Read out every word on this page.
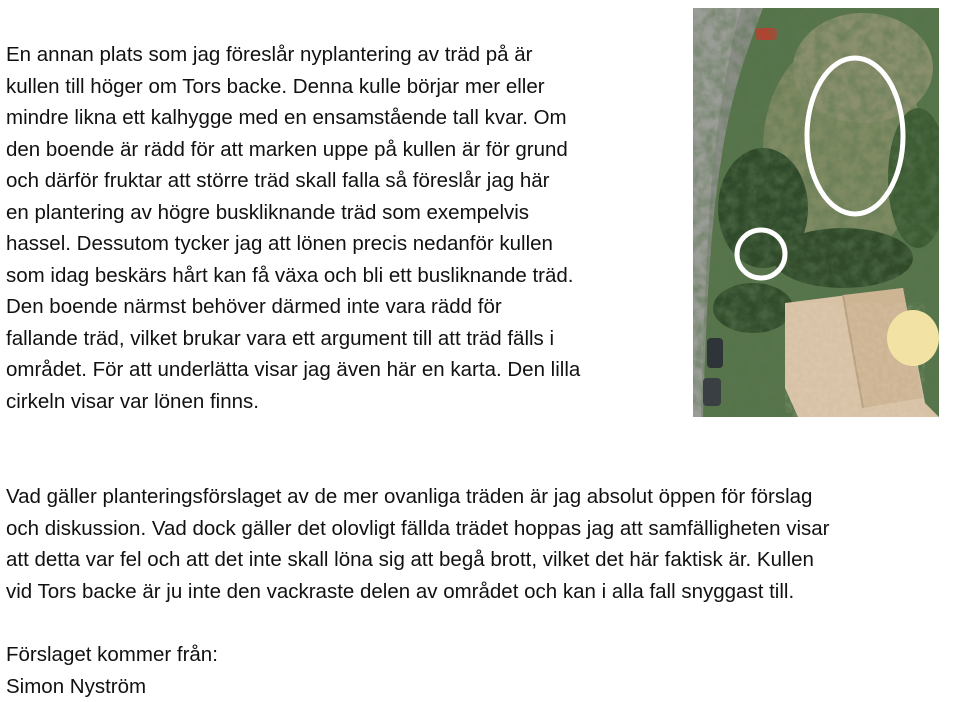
En annan plats som jag föreslår nyplantering av träd på är
kullen till höger om Tors backe. Denna kulle börjar mer eller
mindre likna ett kalhygge med en ensamstående tall kvar. Om
den boende är rädd för att marken uppe på kullen är för grund
och därför fruktar att större träd skall falla så föreslår jag här
en plantering av högre buskliknande träd som exempelvis
hassel. Dessutom tycker jag att lönen precis nedanför kullen
som idag beskärs hårt kan få växa och bli ett busliknande träd.
Den boende närmst behöver därmed inte vara rädd för
fallande träd, vilket brukar vara ett argument till att träd fälls i
området. För att underlätta visar jag även här en karta. Den lilla
cirkeln visar var lönen finns.
Vad gäller planteringsförslaget av de mer ovanliga träden är jag absolut öppen för förslag
och diskussion. Vad dock gäller det olovligt fällda trädet hoppas jag att samfälligheten visar
att detta var fel och att det inte skall löna sig att begå brott, vilket det här faktisk är. Kullen
vid Tors backe är ju inte den vackraste delen av området och kan i alla fall snyggast till.
Förslaget kommer från:
Simon Nyström
